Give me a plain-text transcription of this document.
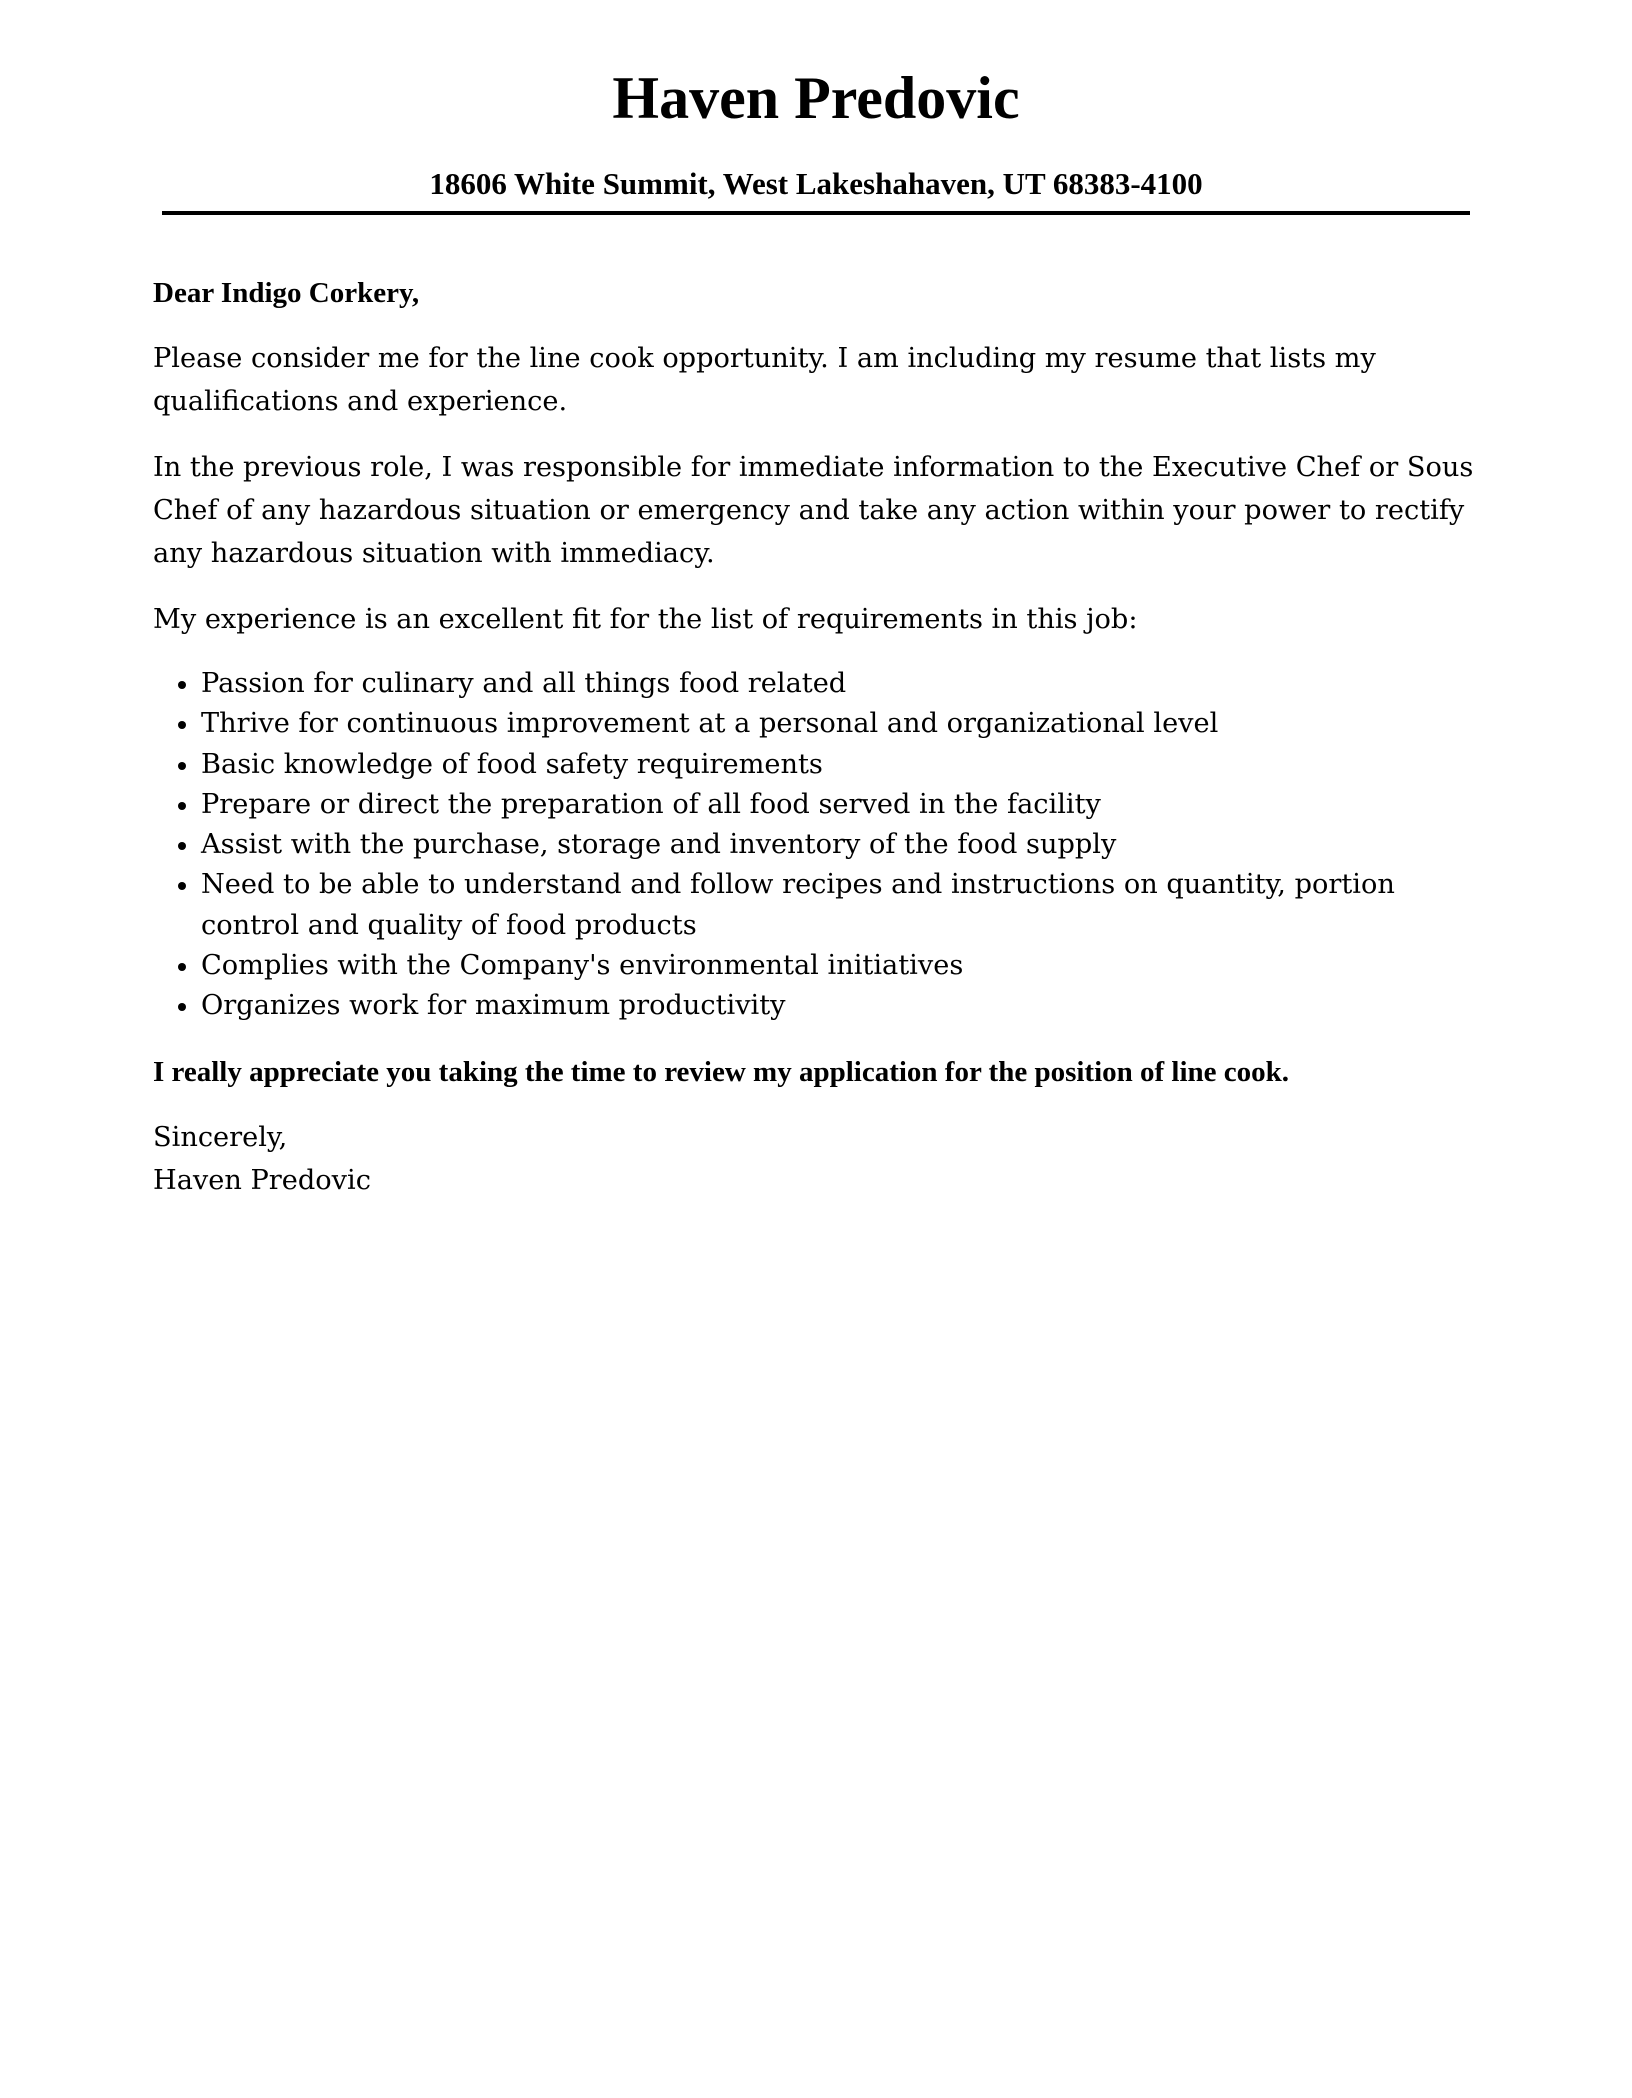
Haven Predovic
18606 White Summit, West Lakeshahaven, UT 68383-4100

Dear Indigo Corkery,

Please consider me for the line cook opportunity. I am including my resume that lists my qualifications and experience.

In the previous role, I was responsible for immediate information to the Executive Chef or Sous Chef of any hazardous situation or emergency and take any action within your power to rectify any hazardous situation with immediacy.

My experience is an excellent fit for the list of requirements in this job:

Passion for culinary and all things food related
Thrive for continuous improvement at a personal and organizational level
Basic knowledge of food safety requirements
Prepare or direct the preparation of all food served in the facility
Assist with the purchase, storage and inventory of the food supply
Need to be able to understand and follow recipes and instructions on quantity, portion control and quality of food products
Complies with the Company's environmental initiatives
Organizes work for maximum productivity

I really appreciate you taking the time to review my application for the position of line cook.

Sincerely,
Haven Predovic
